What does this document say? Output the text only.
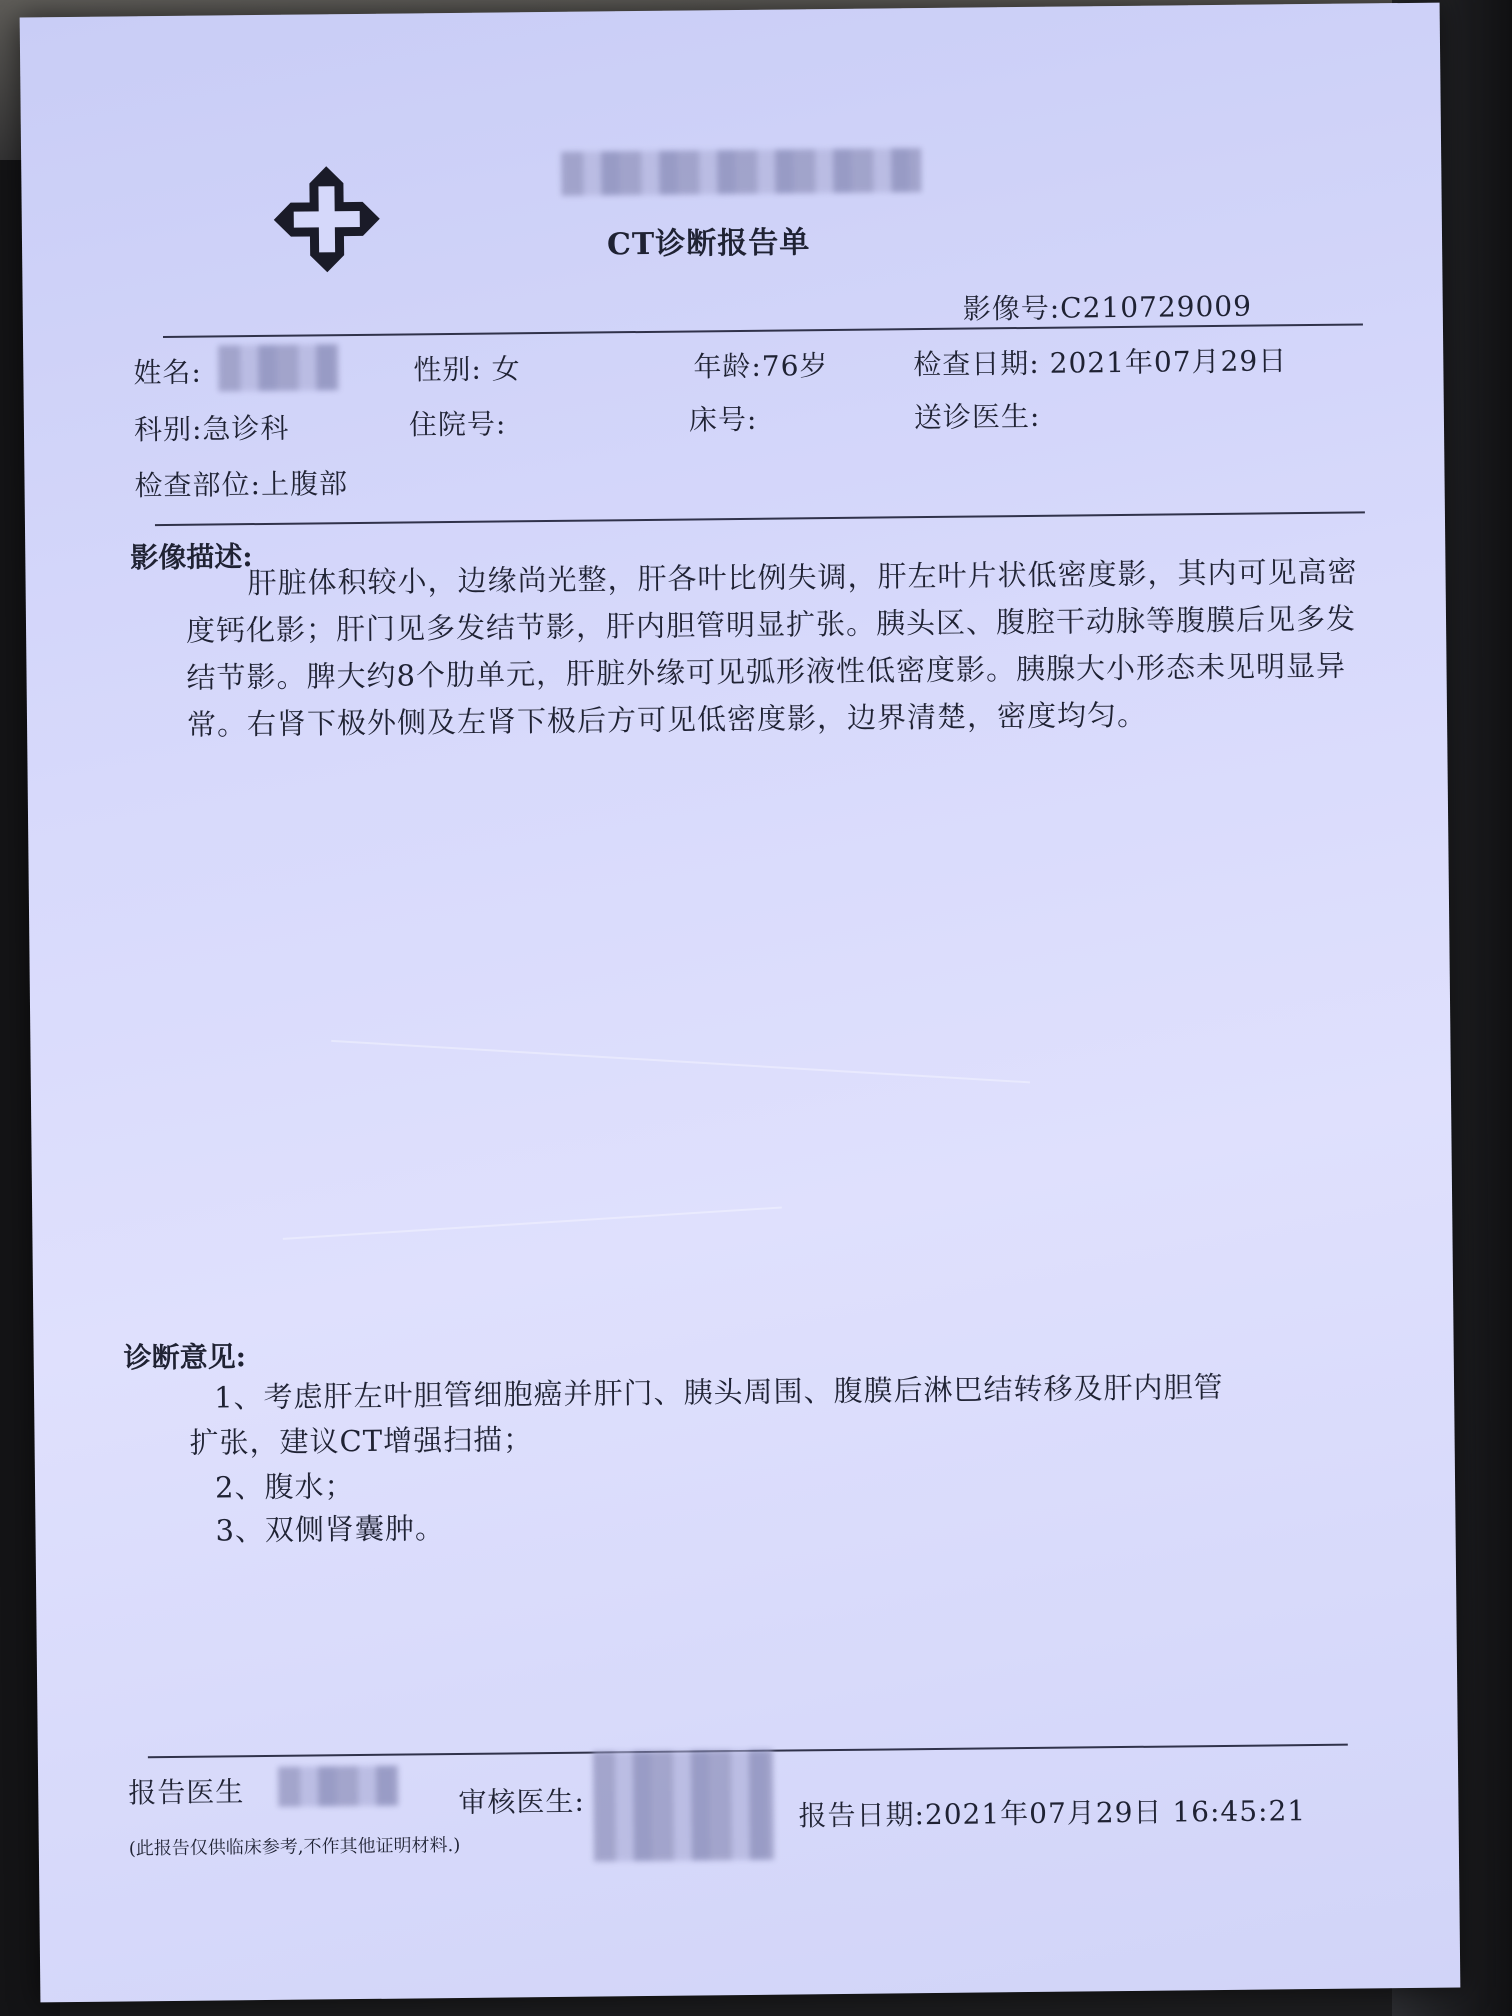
CT诊断报告单
影像号:C210729009
姓名:	性别: 女	年龄:76岁	检查日期: 2021年07月29日
科别:急诊科	住院号:	床号:	送诊医生:
检查部位:上腹部
影像描述:
肝脏体积较小，边缘尚光整，肝各叶比例失调，肝左叶片状低密度影，其内可见高密度钙化影；肝门见多发结节影，肝内胆管明显扩张。胰头区、腹腔干动脉等腹膜后见多发结节影。脾大约8个肋单元，肝脏外缘可见弧形液性低密度影。胰腺大小形态未见明显异常。右肾下极外侧及左肾下极后方可见低密度影，边界清楚，密度均匀。
诊断意见:
1、考虑肝左叶胆管细胞癌并肝门、胰头周围、腹膜后淋巴结转移及肝内胆管
扩张，建议CT增强扫描；
2、腹水；
3、双侧肾囊肿。
报告医生	审核医生:	报告日期:2021年07月29日 16:45:21
(此报告仅供临床参考,不作其他证明材料.)
